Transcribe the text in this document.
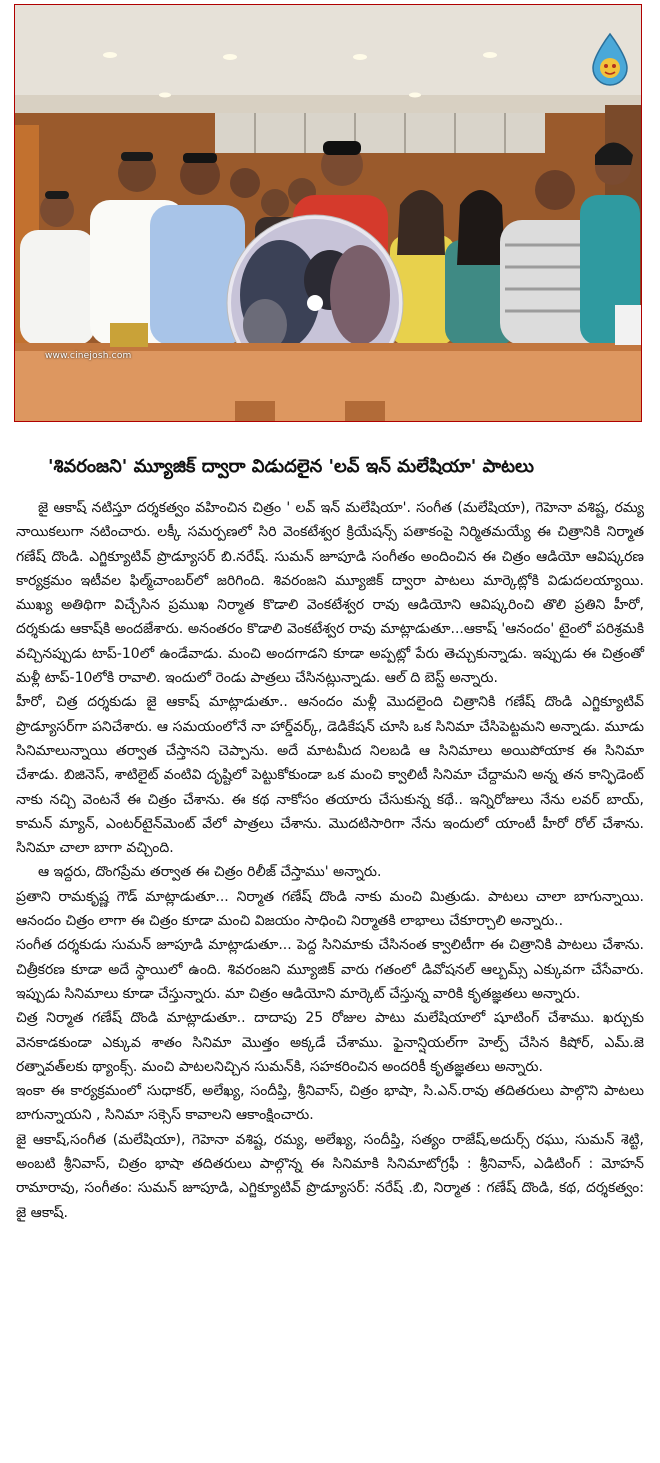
www.cinejosh.com
'శివరంజని' మ్యూజిక్ ద్వారా విడుదలైన 'లవ్ ఇన్ మలేషియా' పాటలు

జై ఆకాష్ నటిస్తూ దర్శకత్వం వహించిన చిత్రం ' లవ్ ఇన్ మలేషియా'. సంగీత (మలేషియా), గెహెనా వశిష్ట, రమ్య నాయికలుగా నటించారు. లక్కీ సమర్పణలో సిరి వెంకటేశ్వర క్రియేషన్స్ పతాకంపై నిర్మితమయ్యే ఈ చిత్రానికి నిర్మాత గణేష్ దొండి. ఎగ్జిక్యూటివ్ ప్రొడ్యూసర్ బి.నరేష్. సుమన్ జూపూడి సంగీతం అందించిన ఈ చిత్రం ఆడియో ఆవిష్కరణ కార్యక్రమం ఇటీవల ఫిల్మ్‌చాంబర్‌లో జరిగింది. శివరంజని మ్యూజిక్ ద్వారా పాటలు మార్కెట్లోకి విడుదలయ్యాయి. ముఖ్య అతిథిగా విచ్చేసిన ప్రముఖ నిర్మాత కొడాలి వెంకటేశ్వర రావు ఆడియోని ఆవిష్కరించి తొలి ప్రతిని హీరో, దర్శకుడు ఆకాష్‌కి అందజేశారు. అనంతరం కొడాలి వెంకటేశ్వర రావు మాట్లాడుతూ...ఆకాష్ 'ఆనందం' టైంలో పరిశ్రమకి వచ్చినప్పుడు టాప్-10లో ఉండేవాడు. మంచి అందగాడని కూడా అప్పట్లో పేరు తెచ్చుకున్నాడు. ఇప్పుడు ఈ చిత్రంతో మళ్లీ టాప్-10లోకి రావాలి. ఇందులో రెండు పాత్రలు చేసినట్లున్నాడు. ఆల్ ది బెస్ట్ అన్నారు.

హీరో, చిత్ర దర్శకుడు జై ఆకాష్ మాట్లాడుతూ.. ఆనందం మళ్లీ మొదలైంది చిత్రానికి గణేష్ దొండి ఎగ్జిక్యూటివ్ ప్రొడ్యూసర్‌గా పనిచేశారు. ఆ సమయంలోనే నా హార్డ్‌వర్క్, డెడికేషన్ చూసి ఒక సినిమా చేసిపెట్టమని అన్నాడు. మూడు సినిమాలున్నాయి తర్వాత చేస్తానని చెప్పాను. అదే మాటమీద నిలబడి ఆ సినిమాలు అయిపోయాక ఈ సినిమా చేశాడు. బిజినెస్, శాటిలైట్ వంటివి దృష్టిలో పెట్టుకోకుండా ఒక మంచి క్వాలిటీ సినిమా చేద్దామని అన్న తన కాన్ఫిడెంట్ నాకు నచ్చి వెంటనే ఈ చిత్రం చేశాను. ఈ కథ నాకోసం తయారు చేసుకున్న కథే.. ఇన్నిరోజులు నేను లవర్ బాయ్, కామన్ మ్యాన్, ఎంటర్‌టైన్‌మెంట్ వేలో పాత్రలు చేశాను. మొదటిసారిగా నేను ఇందులో యాంటీ హీరో రోల్ చేశాను. సినిమా చాలా బాగా వచ్చింది.

ఆ ఇద్దరు, దొంగప్రేమ తర్వాత ఈ చిత్రం రిలీజ్ చేస్తాము' అన్నారు.

ప్రతాని రామకృష్ణ గౌడ్ మాట్లాడుతూ... నిర్మాత గణేష్ దొండి నాకు మంచి మిత్రుడు. పాటలు చాలా బాగున్నాయి. ఆనందం చిత్రం లాగా ఈ చిత్రం కూడా మంచి విజయం సాధించి నిర్మాతకి లాభాలు చేకూర్చాలి అన్నారు..

సంగీత దర్శకుడు సుమన్ జూపూడి మాట్లాడుతూ... పెద్ద సినిమాకు చేసినంత క్వాలిటీగా ఈ చిత్రానికి పాటలు చేశాను. చిత్రీకరణ కూడా అదే స్థాయిలో ఉంది. శివరంజని మ్యూజిక్ వారు గతంలో డివోషనల్ ఆల్బమ్స్ ఎక్కువగా చేసేవారు. ఇప్పుడు సినిమాలు కూడా చేస్తున్నారు. మా చిత్రం ఆడియోని మార్కెట్ చేస్తున్న వారికి కృతజ్ఞతలు అన్నారు.

చిత్ర నిర్మాత గణేష్ దొండి మాట్లాడుతూ.. దాదాపు 25 రోజుల పాటు మలేషియాలో షూటింగ్ చేశాము. ఖర్చుకు వెనకాడకుండా ఎక్కువ శాతం సినిమా మొత్తం అక్కడే చేశాము. ఫైనాన్షియల్‌గా హెల్ప్ చేసిన కిషోర్, ఎమ్.జె రత్నావత్‌లకు థ్యాంక్స్. మంచి పాటలనిచ్చిన సుమన్‌కి, సహకరించిన అందరికీ కృతజ్ఞతలు అన్నారు.

ఇంకా ఈ కార్యక్రమంలో సుధాకర్, అలేఖ్య, సందీప్తి, శ్రీనివాస్, చిత్రం భాషా, సి.ఎన్.రావు తదితరులు పాల్గొని పాటలు బాగున్నాయని , సినిమా సక్సెస్ కావాలని ఆకాంక్షించారు.

జై ఆకాష్,సంగీత (మలేషియా), గెహెనా వశిష్ట, రమ్య, అలేఖ్య, సందీప్తి, సత్యం రాజేష్,అదుర్స్ రఘు, సుమన్ శెట్టి, అంబటి శ్రీనివాస్, చిత్రం భాషా తదితరులు పాల్గొన్న ఈ సినిమాకి సినిమాటోగ్రఫీ : శ్రీనివాస్, ఎడిటింగ్ : మోహన్ రామారావు, సంగీతం: సుమన్ జూపూడి, ఎగ్జిక్యూటివ్ ప్రొడ్యూసర్: నరేష్ .బి, నిర్మాత : గణేష్ దొండి, కథ, దర్శకత్వం: జై ఆకాష్.
